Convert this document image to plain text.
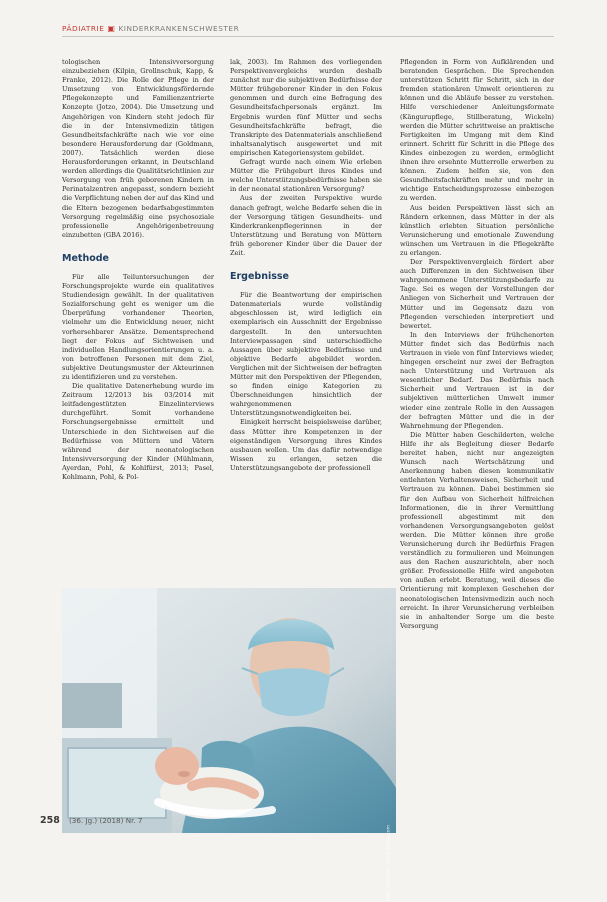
PÄDIATRIE ▣ KINDERKRANKENSCHWESTER

tologischen Intensivversorgung einzubeziehen (Kilpin, Grollnschuk, Kapp, & Franke, 2012). Die Rolle der Pflege in der Umsetzung von Entwicklungsfördernde Pflegekonzepte und Familienzentrierte Konzepte (Jotzo, 2004). Die Umsetzung und Angehörigen von Kindern steht jedoch für die in der Intensivmedizin tätigen Gesundheitsfachkräfte nach wie vor eine besondere Herausforderung dar (Goldmann, 2007). Tatsächlich werden diese Herausforderungen erkannt, in Deutschland werden allerdings die Qualitätsrichtlinien zur Versorgung von früh geborenen Kindern in Perinatalzentren angepasst, sondern bezieht die Verpflichtung neben der auf das Kind und die Eltern bezogenen bedarfsabgestimmten Versorgung regelmäßig eine psychosoziale professionelle Angehörigenbetreuung einzubetten (GBA 2016).

Methode

Für alle Teiluntersuchungen der Forschungsprojekte wurde ein qualitatives Studiendesign gewählt. In der qualitativen Sozialforschung geht es weniger um die Überprüfung vorhandener Theorien, vielmehr um die Entwicklung neuer, nicht vorhersehbarer Ansätze. Dementsprechend liegt der Fokus auf Sichtweisen und individuellen Handlungsorientierungen u. a. von betroffenen Personen mit dem Ziel, subjektive Deutungsmuster der Akteurinnen zu identifizieren und zu verstehen.

Die qualitative Datenerhebung wurde im Zeitraum 12/2013 bis 03/2014 mit leitfadengestützten Einzelinterviews durchgeführt. Somit vorhandene Forschungsergebnisse ermittelt und Unterschiede in den Sichtweisen auf die Bedürfnisse von Müttern und Vätern während der neonatologischen Intensivversorgung der Kinder (Mühlmann, Ayerdan, Pohl, & Kohlfürst, 2013; Pasel, Kohlmann, Pohl, & Pol-

lak, 2003). Im Rahmen des vorliegenden Perspektivenvergleichs wurden deshalb zunächst nur die subjektiven Bedürfnisse der Mütter frühgeborener Kinder in den Fokus genommen und durch eine Befragung des Gesundheitsfachpersonals ergänzt. Im Ergebnis wurden fünf Mütter und sechs Gesundheitsfachkräfte befragt, die Transkripte des Datenmaterials anschließend inhaltsanalytisch ausgewertet und mit empirischen Kategoriensystem gebildet.

Gefragt wurde nach einem Wie erleben Mütter die Frühgeburt ihres Kindes und welche Unterstützungsbedürfnisse haben sie in der neonatal stationären Versorgung?

Aus der zweiten Perspektive wurde danach gefragt, welche Bedarfe sehen die in der Versorgung tätigen Gesundheits- und Kinderkrankenpflegerinnen in der Unterstützung und Beratung von Müttern früh geborener Kinder über die Dauer der Zeit.

Ergebnisse

Für die Beantwortung der empirischen Datenmaterials wurde vollständig abgeschlossen ist, wird lediglich ein exemplarisch ein Ausschnitt der Ergebnisse dargestellt. In den untersuchten Interviewpassagen sind unterschiedliche Aussagen über subjektive Bedürfnisse und objektive Bedarfe abgebildet worden. Verglichen mit der Sichtweisen der befragten Mütter mit den Perspektiven der Pflegenden, so finden einige Kategorien zu Überschneidungen hinsichtlich der wahrgenommenen Unterstützungsnotwendigkeiten bei.

Einigkeit herrscht beispielsweise darüber, dass Mütter ihre Kompetenzen in der eigenständigen Versorgung ihres Kindes ausbauen wollen. Um das dafür notwendige Wissen zu erlangen, setzen die Unterstützungsangebote der professionell

Pflegenden in Form von Aufklärenden und beratenden Gesprächen. Die Sprechenden unterstützen Schritt für Schritt, sich in der fremden stationären Umwelt orientieren zu können und die Abläufe besser zu verstehen. Hilfe verschiedener Anleitungsformate (Kängurupflege, Stillberatung, Wickeln) werden die Mütter schrittweise an praktische Fertigkeiten im Umgang mit dem Kind erinnert. Schritt für Schritt in die Pflege des Kindes einbezogen zu werden, ermöglicht ihnen ihre ersehnte Mutterrolle erwerben zu können. Zudem helfen sie, von den Gesundheitsfachkräften mehr und mehr in wichtige Entscheidungsprozesse einbezogen zu werden.

Aus beiden Perspektiven lässt sich an Rändern erkennen, dass Mütter in der als künstlich erlebten Situation persönliche Verunsicherung und emotionale Zuwendung wünschen um Vertrauen in die Pflegekräfte zu erlangen.

Der Perspektivenvergleich fördert aber auch Differenzen in den Sichtweisen über wahrgenommene Unterstützungsbedarfe zu Tage. Sei es wegen der Vorstellungen der Anliegen von Sicherheit und Vertrauen der Mütter und im Gegensatz dazu von Pflegenden verschieden interpretiert und bewertet.

In den Interviews der frühchenorten Mütter findet sich das Bedürfnis nach Vertrauen in viele von fünf Interviews wieder, hingegen erscheint nur zwei der Befragten nach Unterstützung und Vertrauen als wesentlicher Bedarf. Das Bedürfnis nach Sicherheit und Vertrauen ist in der subjektiven mütterlichen Umwelt immer wieder eine zentrale Rolle in den Aussagen der befragten Mütter und die in der Wahrnehmung der Pflegenden.

Die Mütter haben Geschilderten, welche Hilfe ihr als Begleitung dieser Bedarfe bereitet haben, nicht nur angezeigten Wunsch nach Wertschätzung und Anerkennung haben diesen kommunikativ entlehnten Verhaltensweisen, Sicherheit und Vertrauen zu können. Dabei bestimmen sie für den Aufbau von Sicherheit hilfreichen Informationen, die in ihrer Vermittlung professionell abgestimmt mit den vorhandenen Versorgungsangeboten gelöst werden. Die Mütter können ihre große Verunsicherung durch ihr Bedürfnis Fragen verständlich zu formulieren und Meinungen aus den Rachen auszurichteln, aber noch größer. Professionelle Hilfe wird angeboten von außen erlebt. Beratung, weil dieses die Orientierung mit komplexen Geschehen der neonatologischen Intensivmedizin auch noch erreicht. In ihrer Verunsicherung verbleiben sie in anhaltender Sorge um die beste Versorgung

Foto: Halfpoint – stock.adobe.com
258 (36. Jg.) (2018) Nr. 7
